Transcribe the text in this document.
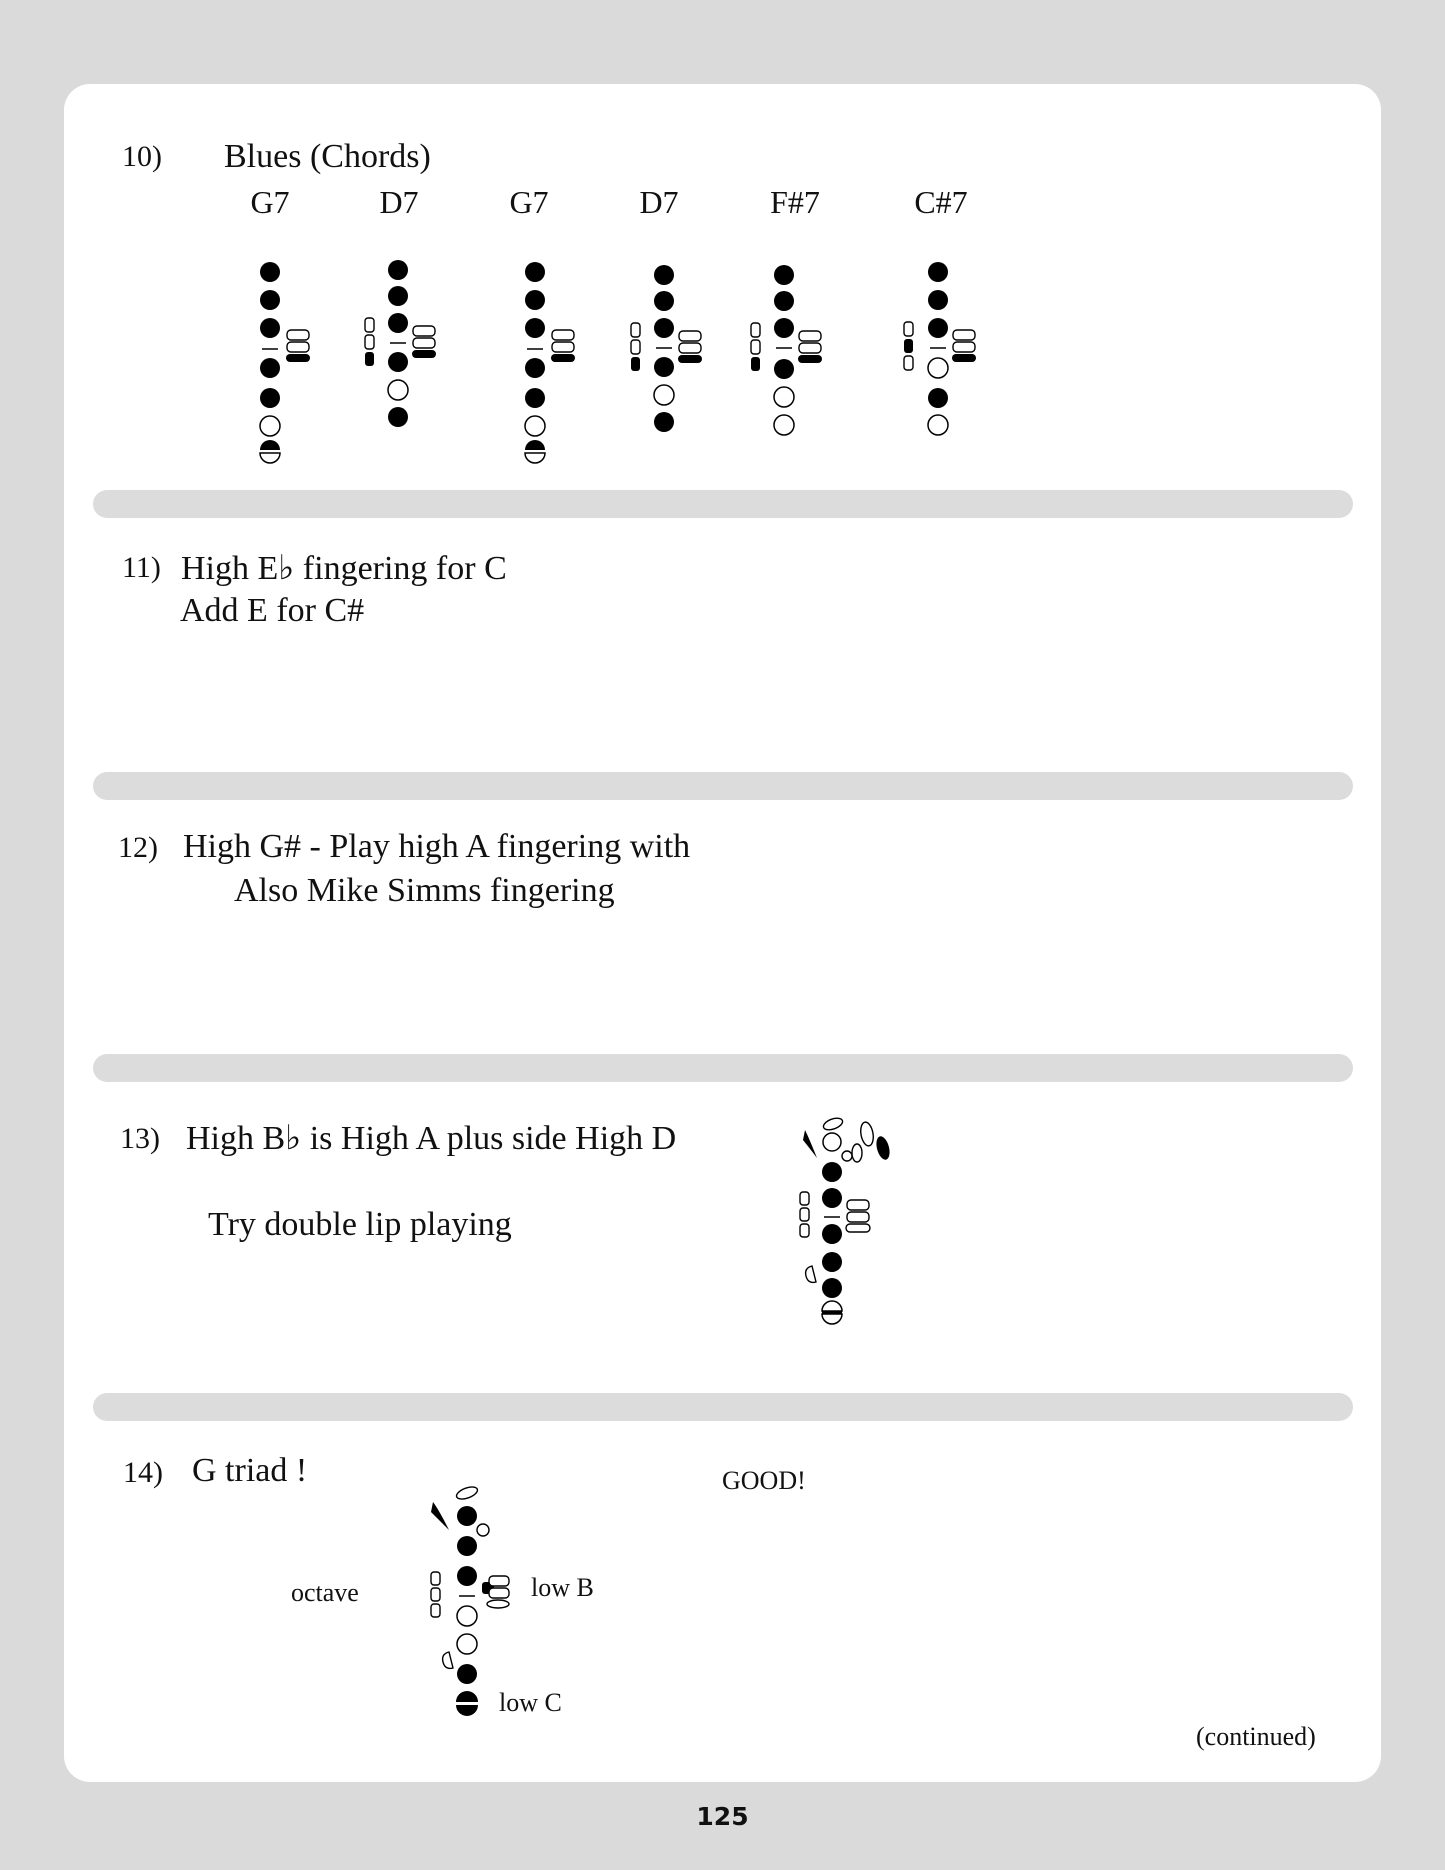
10) Blues (Chords)
G7	D7	G7	D7	F#7	C#7
11) High E♭ fingering for C
Add E for C#
12) High G# - Play high A fingering with
Also Mike Simms fingering
13) High B♭ is High A plus side High D
Try double lip playing
14) G triad !	GOOD!
octave	low B
low C
(continued)
125
